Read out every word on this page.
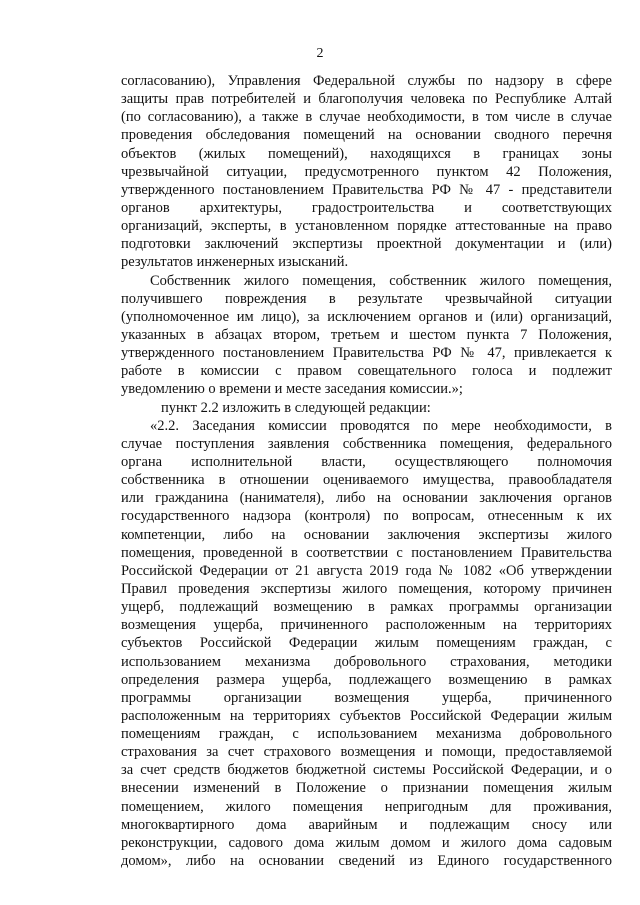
2
согласованию), Управления Федеральной службы по надзору в сфере
защиты прав потребителей и благополучия человека по Республике Алтай
(по согласованию), а также в случае необходимости, в том числе в случае
проведения обследования помещений на основании сводного перечня
объектов (жилых помещений), находящихся в границах зоны
чрезвычайной ситуации, предусмотренного пунктом 42 Положения,
утвержденного постановлением Правительства РФ № 47 - представители
органов архитектуры, градостроительства и соответствующих
организаций, эксперты, в установленном порядке аттестованные на право
подготовки заключений экспертизы проектной документации и (или)
результатов инженерных изысканий.
Собственник жилого помещения, собственник жилого помещения,
получившего повреждения в результате чрезвычайной ситуации
(уполномоченное им лицо), за исключением органов и (или) организаций,
указанных в абзацах втором, третьем и шестом пункта 7 Положения,
утвержденного постановлением Правительства РФ № 47, привлекается к
работе в комиссии с правом совещательного голоса и подлежит
уведомлению о времени и месте заседания комиссии.»;
пункт 2.2 изложить в следующей редакции:
«2.2. Заседания комиссии проводятся по мере необходимости, в
случае поступления заявления собственника помещения, федерального
органа исполнительной власти, осуществляющего полномочия
собственника в отношении оцениваемого имущества, правообладателя
или гражданина (нанимателя), либо на основании заключения органов
государственного надзора (контроля) по вопросам, отнесенным к их
компетенции, либо на основании заключения экспертизы жилого
помещения, проведенной в соответствии с постановлением Правительства
Российской Федерации от 21 августа 2019 года № 1082 «Об утверждении
Правил проведения экспертизы жилого помещения, которому причинен
ущерб, подлежащий возмещению в рамках программы организации
возмещения ущерба, причиненного расположенным на территориях
субъектов Российской Федерации жилым помещениям граждан, с
использованием механизма добровольного страхования, методики
определения размера ущерба, подлежащего возмещению в рамках
программы организации возмещения ущерба, причиненного
расположенным на территориях субъектов Российской Федерации жилым
помещениям граждан, с использованием механизма добровольного
страхования за счет страхового возмещения и помощи, предоставляемой
за счет средств бюджетов бюджетной системы Российской Федерации, и о
внесении изменений в Положение о признании помещения жилым
помещением, жилого помещения непригодным для проживания,
многоквартирного дома аварийным и подлежащим сносу или
реконструкции, садового дома жилым домом и жилого дома садовым
домом», либо на основании сведений из Единого государственного
